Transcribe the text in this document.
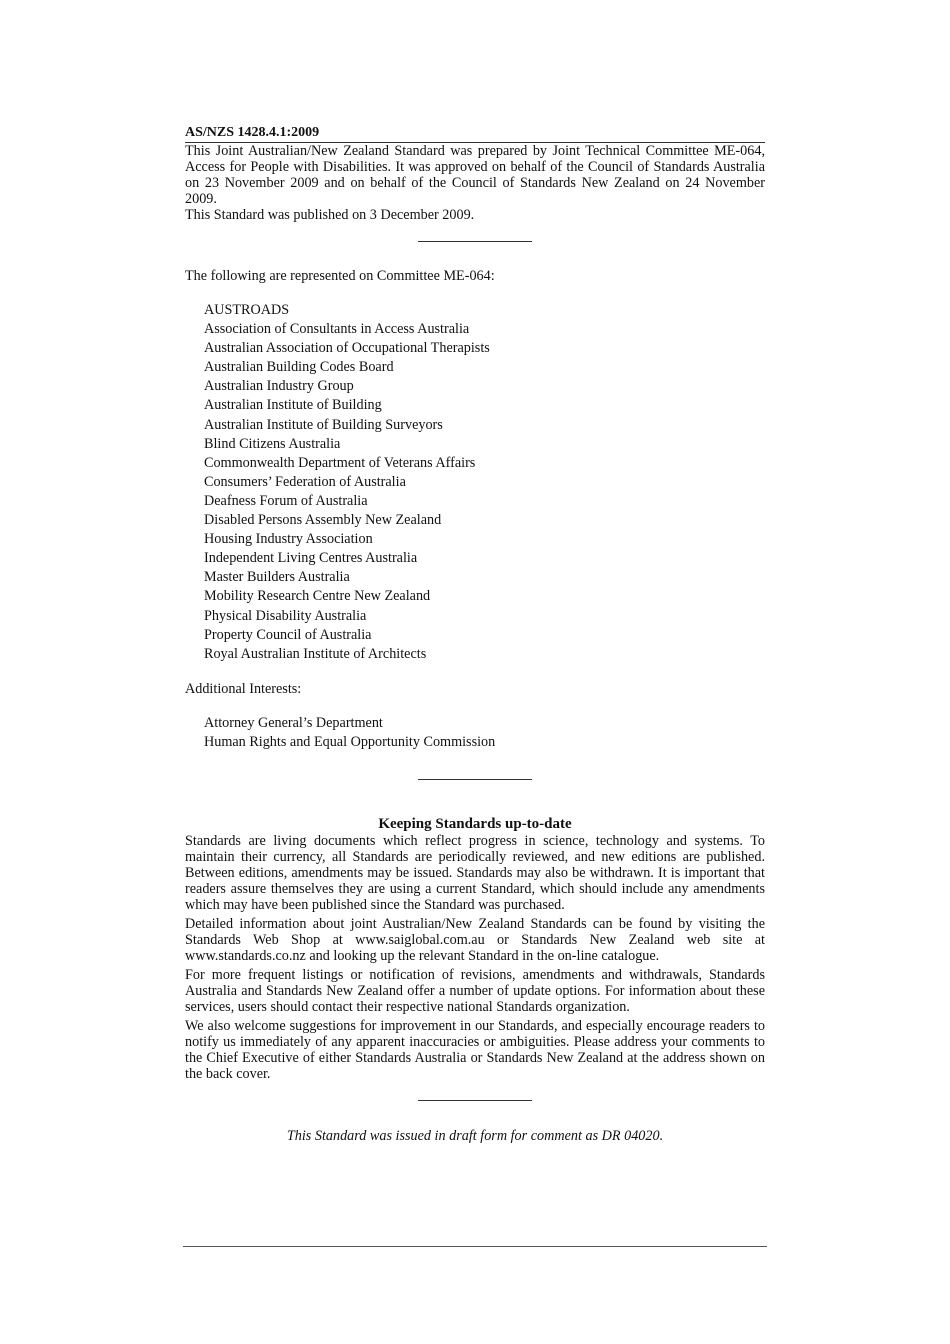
AS/NZS 1428.4.1:2009

This Joint Australian/New Zealand Standard was prepared by Joint Technical Committee ME-064, Access for People with Disabilities. It was approved on behalf of the Council of Standards Australia on 23 November 2009 and on behalf of the Council of Standards New Zealand on 24 November 2009.

This Standard was published on 3 December 2009.

The following are represented on Committee ME-064:

AUSTROADS
Association of Consultants in Access Australia
Australian Association of Occupational Therapists
Australian Building Codes Board
Australian Industry Group
Australian Institute of Building
Australian Institute of Building Surveyors
Blind Citizens Australia
Commonwealth Department of Veterans Affairs
Consumers’ Federation of Australia
Deafness Forum of Australia
Disabled Persons Assembly New Zealand
Housing Industry Association
Independent Living Centres Australia
Master Builders Australia
Mobility Research Centre New Zealand
Physical Disability Australia
Property Council of Australia
Royal Australian Institute of Architects

Additional Interests:

Attorney General’s Department
Human Rights and Equal Opportunity Commission
Keeping Standards up-to-date

Standards are living documents which reflect progress in science, technology and systems. To maintain their currency, all Standards are periodically reviewed, and new editions are published. Between editions, amendments may be issued. Standards may also be withdrawn. It is important that readers assure themselves they are using a current Standard, which should include any amendments which may have been published since the Standard was purchased.

Detailed information about joint Australian/New Zealand Standards can be found by visiting the Standards Web Shop at www.saiglobal.com.au or Standards New Zealand web site at www.standards.co.nz and looking up the relevant Standard in the on-line catalogue.

For more frequent listings or notification of revisions, amendments and withdrawals, Standards Australia and Standards New Zealand offer a number of update options. For information about these services, users should contact their respective national Standards organization.

We also welcome suggestions for improvement in our Standards, and especially encourage readers to notify us immediately of any apparent inaccuracies or ambiguities. Please address your comments to the Chief Executive of either Standards Australia or Standards New Zealand at the address shown on the back cover.

This Standard was issued in draft form for comment as DR 04020.
